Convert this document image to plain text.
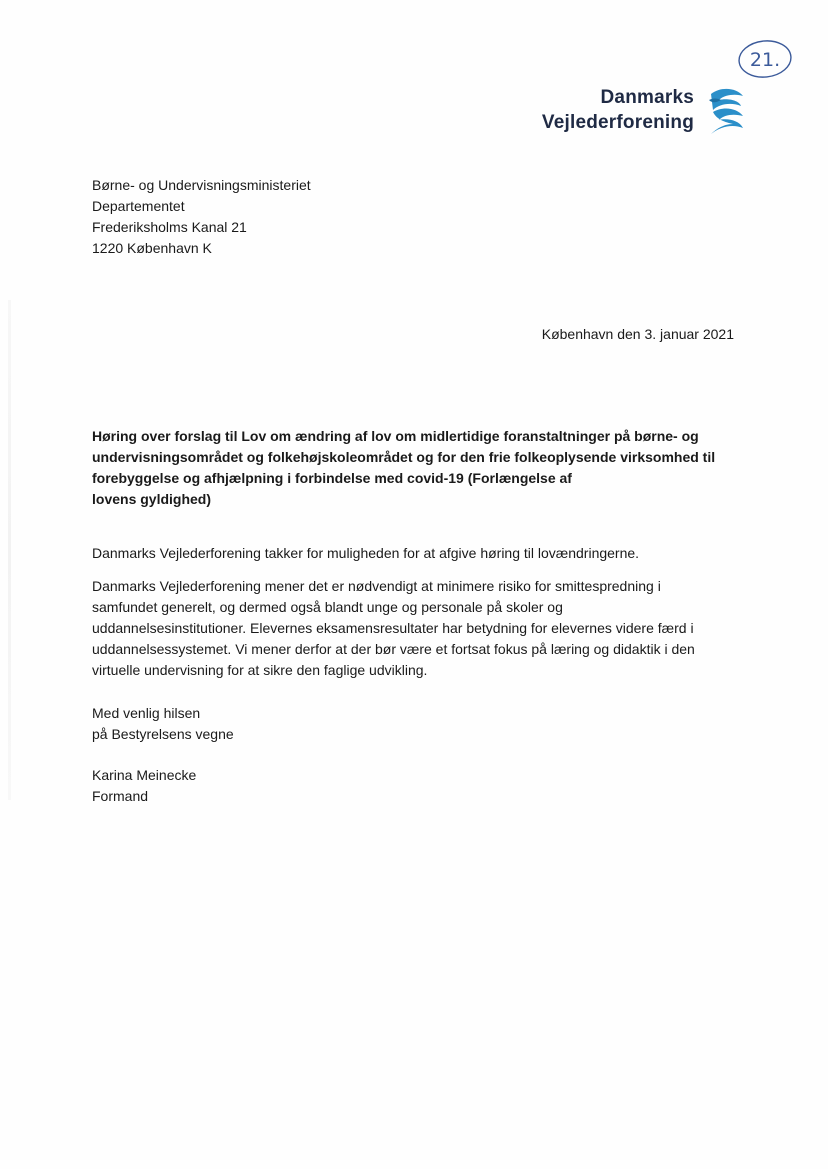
21.
Danmarks
Vejlederforening
Børne- og Undervisningsministeriet
Departementet
Frederiksholms Kanal 21
1220 København K
København den 3. januar 2021
Høring over forslag til Lov om ændring af lov om midlertidige foranstaltninger på børne- og
undervisningsområdet og folkehøjskoleområdet og for den frie folkeoplysende virksomhed til
forebyggelse og afhjælpning i forbindelse med covid-19 (Forlængelse af
lovens gyldighed)
Danmarks Vejlederforening takker for muligheden for at afgive høring til lovændringerne.
Danmarks Vejlederforening mener det er nødvendigt at minimere risiko for smittespredning i
samfundet generelt, og dermed også blandt unge og personale på skoler og
uddannelsesinstitutioner. Elevernes eksamensresultater har betydning for elevernes videre færd i
uddannelsessystemet. Vi mener derfor at der bør være et fortsat fokus på læring og didaktik i den
virtuelle undervisning for at sikre den faglige udvikling.
Med venlig hilsen
på Bestyrelsens vegne
Karina Meinecke
Formand
